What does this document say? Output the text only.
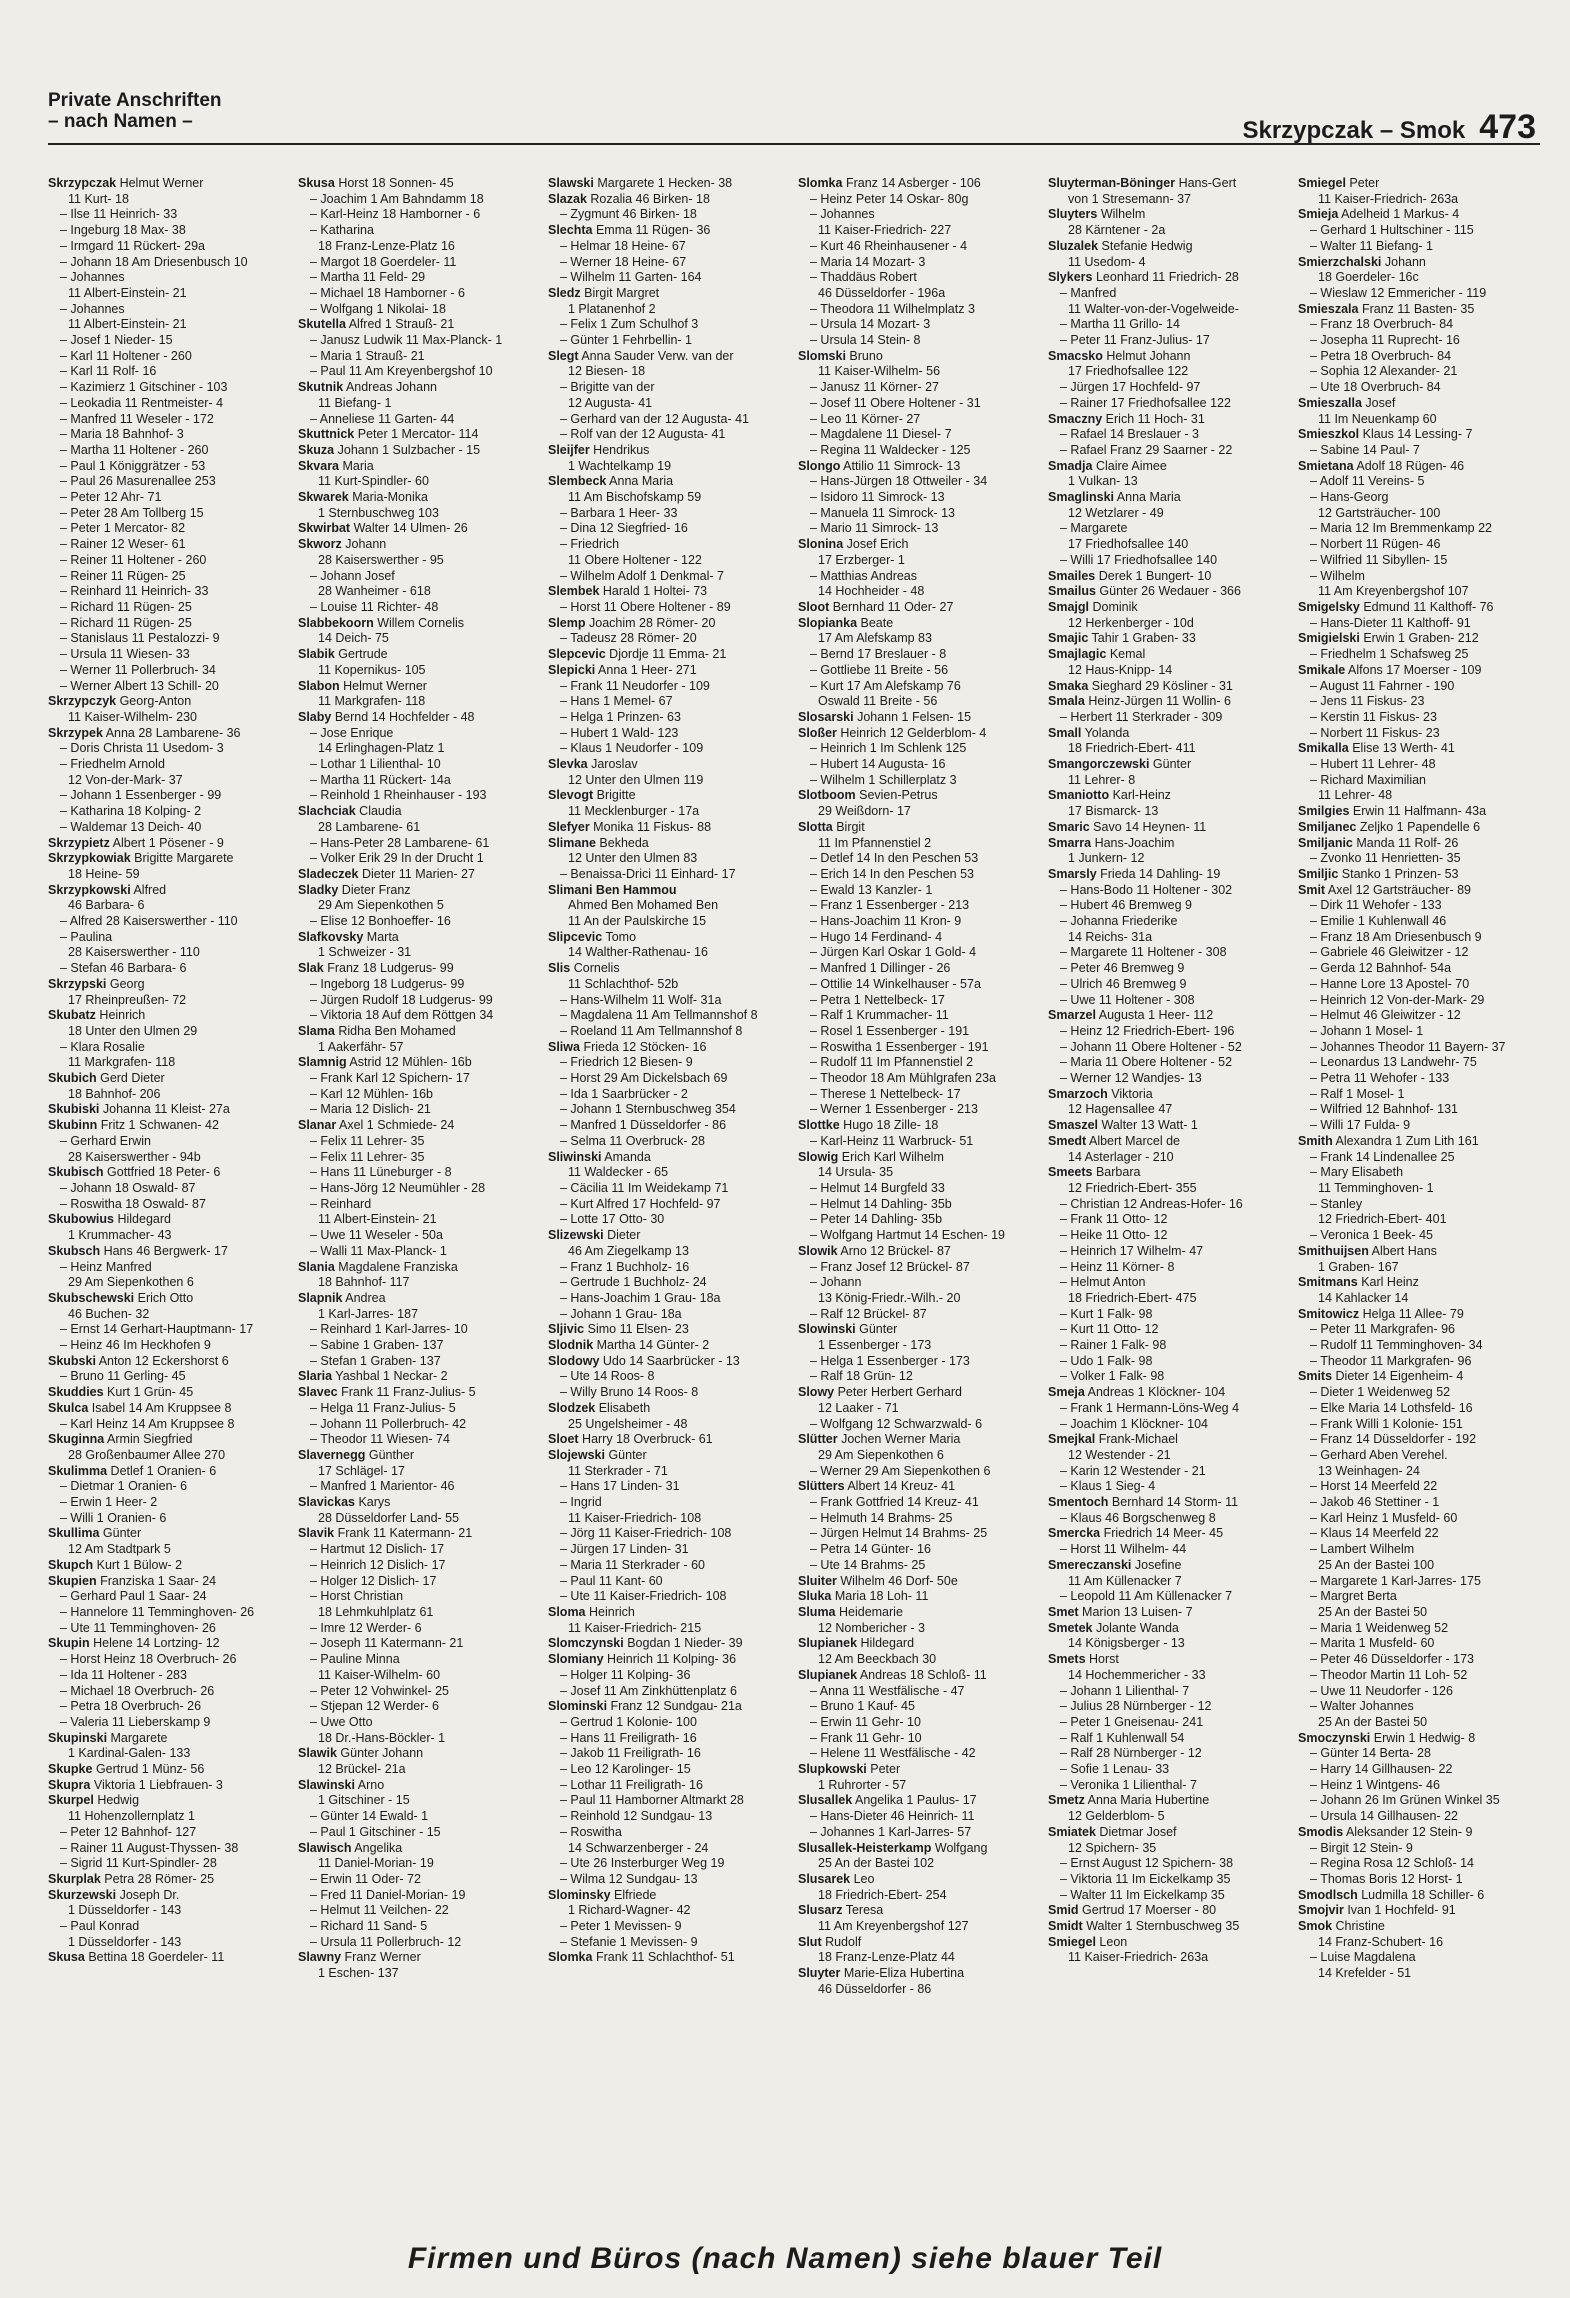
Private Anschriften
– nach Namen –	Skrzypczak – Smok 473
Skrzypczak Helmut Werner
11 Kurt- 18
– Ilse 11 Heinrich- 33
– Ingeburg 18 Max- 38
– Irmgard 11 Rückert- 29a
– Johann 18 Am Driesenbusch 10
– Johannes
11 Albert-Einstein- 21
– Johannes
11 Albert-Einstein- 21
– Josef 1 Nieder- 15
– Karl 11 Holtener - 260
– Karl 11 Rolf- 16
– Kazimierz 1 Gitschiner - 103
– Leokadia 11 Rentmeister- 4
– Manfred 11 Weseler - 172
– Maria 18 Bahnhof- 3
– Martha 11 Holtener - 260
– Paul 1 Königgrätzer - 53
– Paul 26 Masurenallee 253
– Peter 12 Ahr- 71
– Peter 28 Am Tollberg 15
– Peter 1 Mercator- 82
– Rainer 12 Weser- 61
– Reiner 11 Holtener - 260
– Reiner 11 Rügen- 25
– Reinhard 11 Heinrich- 33
– Richard 11 Rügen- 25
– Richard 11 Rügen- 25
– Stanislaus 11 Pestalozzi- 9
– Ursula 11 Wiesen- 33
– Werner 11 Pollerbruch- 34
– Werner Albert 13 Schill- 20
Skrzypczyk Georg-Anton
11 Kaiser-Wilhelm- 230
Skrzypek Anna 28 Lambarene- 36
– Doris Christa 11 Usedom- 3
– Friedhelm Arnold
12 Von-der-Mark- 37
– Johann 1 Essenberger - 99
– Katharina 18 Kolping- 2
– Waldemar 13 Deich- 40
Skrzypietz Albert 1 Pösener - 9
Skrzypkowiak Brigitte Margarete
18 Heine- 59
Skrzypkowski Alfred
46 Barbara- 6
– Alfred 28 Kaiserswerther - 110
– Paulina
28 Kaiserswerther - 110
– Stefan 46 Barbara- 6
Skrzypski Georg
17 Rheinpreußen- 72
Skubatz Heinrich
18 Unter den Ulmen 29
– Klara Rosalie
11 Markgrafen- 118
Skubich Gerd Dieter
18 Bahnhof- 206
Skubiski Johanna 11 Kleist- 27a
Skubinn Fritz 1 Schwanen- 42
– Gerhard Erwin
28 Kaiserswerther - 94b
Skubisch Gottfried 18 Peter- 6
– Johann 18 Oswald- 87
– Roswitha 18 Oswald- 87
Skubowius Hildegard
1 Krummacher- 43
Skubsch Hans 46 Bergwerk- 17
– Heinz Manfred
29 Am Siepenkothen 6
Skubschewski Erich Otto
46 Buchen- 32
– Ernst 14 Gerhart-Hauptmann- 17
– Heinz 46 Im Heckhofen 9
Skubski Anton 12 Eckershorst 6
– Bruno 11 Gerling- 45
Skuddies Kurt 1 Grün- 45
Skulca Isabel 14 Am Kruppsee 8
– Karl Heinz 14 Am Kruppsee 8
Skuginna Armin Siegfried
28 Großenbaumer Allee 270
Skulimma Detlef 1 Oranien- 6
– Dietmar 1 Oranien- 6
– Erwin 1 Heer- 2
– Willi 1 Oranien- 6
Skullima Günter
12 Am Stadtpark 5
Skupch Kurt 1 Bülow- 2
Skupien Franziska 1 Saar- 24
– Gerhard Paul 1 Saar- 24
– Hannelore 11 Temminghoven- 26
– Ute 11 Temminghoven- 26
Skupin Helene 14 Lortzing- 12
– Horst Heinz 18 Overbruch- 26
– Ida 11 Holtener - 283
– Michael 18 Overbruch- 26
– Petra 18 Overbruch- 26
– Valeria 11 Lieberskamp 9
Skupinski Margarete
1 Kardinal-Galen- 133
Skupke Gertrud 1 Münz- 56
Skupra Viktoria 1 Liebfrauen- 3
Skurpel Hedwig
11 Hohenzollernplatz 1
– Peter 12 Bahnhof- 127
– Rainer 11 August-Thyssen- 38
– Sigrid 11 Kurt-Spindler- 28
Skurplak Petra 28 Römer- 25
Skurzewski Joseph Dr.
1 Düsseldorfer - 143
– Paul Konrad
1 Düsseldorfer - 143
Skusa Bettina 18 Goerdeler- 11
Skusa Horst 18 Sonnen- 45
– Joachim 1 Am Bahndamm 18
– Karl-Heinz 18 Hamborner - 6
– Katharina
18 Franz-Lenze-Platz 16
– Margot 18 Goerdeler- 11
– Martha 11 Feld- 29
– Michael 18 Hamborner - 6
– Wolfgang 1 Nikolai- 18
Skutella Alfred 1 Strauß- 21
– Janusz Ludwik 11 Max-Planck- 1
– Maria 1 Strauß- 21
– Paul 11 Am Kreyenbergshof 10
Skutnik Andreas Johann
11 Biefang- 1
– Anneliese 11 Garten- 44
Skuttnick Peter 1 Mercator- 114
Skuza Johann 1 Sulzbacher - 15
Skvara Maria
11 Kurt-Spindler- 60
Skwarek Maria-Monika
1 Sternbuschweg 103
Skwirbat Walter 14 Ulmen- 26
Skworz Johann
28 Kaiserswerther - 95
– Johann Josef
28 Wanheimer - 618
– Louise 11 Richter- 48
Slabbekoorn Willem Cornelis
14 Deich- 75
Slabik Gertrude
11 Kopernikus- 105
Slabon Helmut Werner
11 Markgrafen- 118
Slaby Bernd 14 Hochfelder - 48
– Jose Enrique
14 Erlinghagen-Platz 1
– Lothar 1 Lilienthal- 10
– Martha 11 Rückert- 14a
– Reinhold 1 Rheinhauser - 193
Slachciak Claudia
28 Lambarene- 61
– Hans-Peter 28 Lambarene- 61
– Volker Erik 29 In der Drucht 1
Sladeczek Dieter 11 Marien- 27
Sladky Dieter Franz
29 Am Siepenkothen 5
– Elise 12 Bonhoeffer- 16
Slafkovsky Marta
1 Schweizer - 31
Slak Franz 18 Ludgerus- 99
– Ingeborg 18 Ludgerus- 99
– Jürgen Rudolf 18 Ludgerus- 99
– Viktoria 18 Auf dem Röttgen 34
Slama Ridha Ben Mohamed
1 Aakerfähr- 57
Slamnig Astrid 12 Mühlen- 16b
– Frank Karl 12 Spichern- 17
– Karl 12 Mühlen- 16b
– Maria 12 Dislich- 21
Slanar Axel 1 Schmiede- 24
– Felix 11 Lehrer- 35
– Felix 11 Lehrer- 35
– Hans 11 Lüneburger - 8
– Hans-Jörg 12 Neumühler - 28
– Reinhard
11 Albert-Einstein- 21
– Uwe 11 Weseler - 50a
– Walli 11 Max-Planck- 1
Slania Magdalene Franziska
18 Bahnhof- 117
Slapnik Andrea
1 Karl-Jarres- 187
– Reinhard 1 Karl-Jarres- 10
– Sabine 1 Graben- 137
– Stefan 1 Graben- 137
Slaria Yashbal 1 Neckar- 2
Slavec Frank 11 Franz-Julius- 5
– Helga 11 Franz-Julius- 5
– Johann 11 Pollerbruch- 42
– Theodor 11 Wiesen- 74
Slavernegg Günther
17 Schlägel- 17
– Manfred 1 Marientor- 46
Slavickas Karys
28 Düsseldorfer Land- 55
Slavik Frank 11 Katermann- 21
– Hartmut 12 Dislich- 17
– Heinrich 12 Dislich- 17
– Holger 12 Dislich- 17
– Horst Christian
18 Lehmkuhlplatz 61
– Imre 12 Werder- 6
– Joseph 11 Katermann- 21
– Pauline Minna
11 Kaiser-Wilhelm- 60
– Peter 12 Vohwinkel- 25
– Stjepan 12 Werder- 6
– Uwe Otto
18 Dr.-Hans-Böckler- 1
Slawik Günter Johann
12 Brückel- 21a
Slawinski Arno
1 Gitschiner - 15
– Günter 14 Ewald- 1
– Paul 1 Gitschiner - 15
Slawisch Angelika
11 Daniel-Morian- 19
– Erwin 11 Oder- 72
– Fred 11 Daniel-Morian- 19
– Helmut 11 Veilchen- 22
– Richard 11 Sand- 5
– Ursula 11 Pollerbruch- 12
Slawny Franz Werner
1 Eschen- 137
Slawski Margarete 1 Hecken- 38
Slazak Rozalia 46 Birken- 18
– Zygmunt 46 Birken- 18
Slechta Emma 11 Rügen- 36
– Helmar 18 Heine- 67
– Werner 18 Heine- 67
– Wilhelm 11 Garten- 164
Sledz Birgit Margret
1 Platanenhof 2
– Felix 1 Zum Schulhof 3
– Günter 1 Fehrbellin- 1
Slegt Anna Sauder Verw. van der
12 Biesen- 18
– Brigitte van der
12 Augusta- 41
– Gerhard van der 12 Augusta- 41
– Rolf van der 12 Augusta- 41
Sleijfer Hendrikus
1 Wachtelkamp 19
Slembeck Anna Maria
11 Am Bischofskamp 59
– Barbara 1 Heer- 33
– Dina 12 Siegfried- 16
– Friedrich
11 Obere Holtener - 122
– Wilhelm Adolf 1 Denkmal- 7
Slembek Harald 1 Holtei- 73
– Horst 11 Obere Holtener - 89
Slemp Joachim 28 Römer- 20
– Tadeusz 28 Römer- 20
Slepcevic Djordje 11 Emma- 21
Slepicki Anna 1 Heer- 271
– Frank 11 Neudorfer - 109
– Hans 1 Memel- 67
– Helga 1 Prinzen- 63
– Hubert 1 Wald- 123
– Klaus 1 Neudorfer - 109
Slevka Jaroslav
12 Unter den Ulmen 119
Slevogt Brigitte
11 Mecklenburger - 17a
Slefyer Monika 11 Fiskus- 88
Slimane Bekheda
12 Unter den Ulmen 83
– Benaissa-Drici 11 Einhard- 17
Slimani Ben Hammou
Ahmed Ben Mohamed Ben
11 An der Paulskirche 15
Slipcevic Tomo
14 Walther-Rathenau- 16
Slis Cornelis
11 Schlachthof- 52b
– Hans-Wilhelm 11 Wolf- 31a
– Magdalena 11 Am Tellmannshof 8
– Roeland 11 Am Tellmannshof 8
Sliwa Frieda 12 Stöcken- 16
– Friedrich 12 Biesen- 9
– Horst 29 Am Dickelsbach 69
– Ida 1 Saarbrücker - 2
– Johann 1 Sternbuschweg 354
– Manfred 1 Düsseldorfer - 86
– Selma 11 Overbruck- 28
Sliwinski Amanda
11 Waldecker - 65
– Cäcilia 11 Im Weidekamp 71
– Kurt Alfred 17 Hochfeld- 97
– Lotte 17 Otto- 30
Slizewski Dieter
46 Am Ziegelkamp 13
– Franz 1 Buchholz- 16
– Gertrude 1 Buchholz- 24
– Hans-Joachim 1 Grau- 18a
– Johann 1 Grau- 18a
Sljivic Simo 11 Elsen- 23
Slodnik Martha 14 Günter- 2
Slodowy Udo 14 Saarbrücker - 13
– Ute 14 Roos- 8
– Willy Bruno 14 Roos- 8
Slodzek Elisabeth
25 Ungelsheimer - 48
Sloet Harry 18 Overbruck- 61
Slojewski Günter
11 Sterkrader - 71
– Hans 17 Linden- 31
– Ingrid
11 Kaiser-Friedrich- 108
– Jörg 11 Kaiser-Friedrich- 108
– Jürgen 17 Linden- 31
– Maria 11 Sterkrader - 60
– Paul 11 Kant- 60
– Ute 11 Kaiser-Friedrich- 108
Sloma Heinrich
11 Kaiser-Friedrich- 215
Slomczynski Bogdan 1 Nieder- 39
Slomiany Heinrich 11 Kolping- 36
– Holger 11 Kolping- 36
– Josef 11 Am Zinkhüttenplatz 6
Slominski Franz 12 Sundgau- 21a
– Gertrud 1 Kolonie- 100
– Hans 11 Freiligrath- 16
– Jakob 11 Freiligrath- 16
– Leo 12 Karolinger- 15
– Lothar 11 Freiligrath- 16
– Paul 11 Hamborner Altmarkt 28
– Reinhold 12 Sundgau- 13
– Roswitha
14 Schwarzenberger - 24
– Ute 26 Insterburger Weg 19
– Wilma 12 Sundgau- 13
Slominsky Elfriede
1 Richard-Wagner- 42
– Peter 1 Mevissen- 9
– Stefanie 1 Mevissen- 9
Slomka Frank 11 Schlachthof- 51
Slomka Franz 14 Asberger - 106
– Heinz Peter 14 Oskar- 80g
– Johannes
11 Kaiser-Friedrich- 227
– Kurt 46 Rheinhausener - 4
– Maria 14 Mozart- 3
– Thaddäus Robert
46 Düsseldorfer - 196a
– Theodora 11 Wilhelmplatz 3
– Ursula 14 Mozart- 3
– Ursula 14 Stein- 8
Slomski Bruno
11 Kaiser-Wilhelm- 56
– Janusz 11 Körner- 27
– Josef 11 Obere Holtener - 31
– Leo 11 Körner- 27
– Magdalene 11 Diesel- 7
– Regina 11 Waldecker - 125
Slongo Attilio 11 Simrock- 13
– Hans-Jürgen 18 Ottweiler - 34
– Isidoro 11 Simrock- 13
– Manuela 11 Simrock- 13
– Mario 11 Simrock- 13
Slonina Josef Erich
17 Erzberger- 1
– Matthias Andreas
14 Hochheider - 48
Sloot Bernhard 11 Oder- 27
Slopianka Beate
17 Am Alefskamp 83
– Bernd 17 Breslauer - 8
– Gottliebe 11 Breite - 56
– Kurt 17 Am Alefskamp 76
Oswald 11 Breite - 56
Slosarski Johann 1 Felsen- 15
Sloßer Heinrich 12 Gelderblom- 4
– Heinrich 1 Im Schlenk 125
– Hubert 14 Augusta- 16
– Wilhelm 1 Schillerplatz 3
Slotboom Sevien-Petrus
29 Weißdorn- 17
Slotta Birgit
11 Im Pfannenstiel 2
– Detlef 14 In den Peschen 53
– Erich 14 In den Peschen 53
– Ewald 13 Kanzler- 1
– Franz 1 Essenberger - 213
– Hans-Joachim 11 Kron- 9
– Hugo 14 Ferdinand- 4
– Jürgen Karl Oskar 1 Gold- 4
– Manfred 1 Dillinger - 26
– Ottilie 14 Winkelhauser - 57a
– Petra 1 Nettelbeck- 17
– Ralf 1 Krummacher- 11
– Rosel 1 Essenberger - 191
– Roswitha 1 Essenberger - 191
– Rudolf 11 Im Pfannenstiel 2
– Theodor 18 Am Mühlgrafen 23a
– Therese 1 Nettelbeck- 17
– Werner 1 Essenberger - 213
Slottke Hugo 18 Zille- 18
– Karl-Heinz 11 Warbruck- 51
Slowig Erich Karl Wilhelm
14 Ursula- 35
– Helmut 14 Burgfeld 33
– Helmut 14 Dahling- 35b
– Peter 14 Dahling- 35b
– Wolfgang Hartmut 14 Eschen- 19
Slowik Arno 12 Brückel- 87
– Franz Josef 12 Brückel- 87
– Johann
13 König-Friedr.-Wilh.- 20
– Ralf 12 Brückel- 87
Slowinski Günter
1 Essenberger - 173
– Helga 1 Essenberger - 173
– Ralf 18 Grün- 12
Slowy Peter Herbert Gerhard
12 Laaker - 71
– Wolfgang 12 Schwarzwald- 6
Slütter Jochen Werner Maria
29 Am Siepenkothen 6
– Werner 29 Am Siepenkothen 6
Slütters Albert 14 Kreuz- 41
– Frank Gottfried 14 Kreuz- 41
– Helmuth 14 Brahms- 25
– Jürgen Helmut 14 Brahms- 25
– Petra 14 Günter- 16
– Ute 14 Brahms- 25
Sluiter Wilhelm 46 Dorf- 50e
Sluka Maria 18 Loh- 11
Sluma Heidemarie
12 Nombericher - 3
Slupianek Hildegard
12 Am Beeckbach 30
Slupianek Andreas 18 Schloß- 11
– Anna 11 Westfälische - 47
– Bruno 1 Kauf- 45
– Erwin 11 Gehr- 10
– Frank 11 Gehr- 10
– Helene 11 Westfälische - 42
Slupkowski Peter
1 Ruhrorter - 57
Slusallek Angelika 1 Paulus- 17
– Hans-Dieter 46 Heinrich- 11
– Johannes 1 Karl-Jarres- 57
Slusallek-Heisterkamp Wolfgang
25 An der Bastei 102
Slusarek Leo
18 Friedrich-Ebert- 254
Slusarz Teresa
11 Am Kreyenbergshof 127
Slut Rudolf
18 Franz-Lenze-Platz 44
Sluyter Marie-Eliza Hubertina
46 Düsseldorfer - 86
Sluyterman-Böninger Hans-Gert
von 1 Stresemann- 37
Sluyters Wilhelm
28 Kärntener - 2a
Sluzalek Stefanie Hedwig
11 Usedom- 4
Slykers Leonhard 11 Friedrich- 28
– Manfred
11 Walter-von-der-Vogelweide-
– Martha 11 Grillo- 14
– Peter 11 Franz-Julius- 17
Smacsko Helmut Johann
17 Friedhofsallee 122
– Jürgen 17 Hochfeld- 97
– Rainer 17 Friedhofsallee 122
Smaczny Erich 11 Hoch- 31
– Rafael 14 Breslauer - 3
– Rafael Franz 29 Saarner - 22
Smadja Claire Aimee
1 Vulkan- 13
Smaglinski Anna Maria
12 Wetzlarer - 49
– Margarete
17 Friedhofsallee 140
– Willi 17 Friedhofsallee 140
Smailes Derek 1 Bungert- 10
Smailus Günter 26 Wedauer - 366
Smajgl Dominik
12 Herkenberger - 10d
Smajic Tahir 1 Graben- 33
Smajlagic Kemal
12 Haus-Knipp- 14
Smaka Sieghard 29 Kösliner - 31
Smala Heinz-Jürgen 11 Wollin- 6
– Herbert 11 Sterkrader - 309
Small Yolanda
18 Friedrich-Ebert- 411
Smangorczewski Günter
11 Lehrer- 8
Smaniotto Karl-Heinz
17 Bismarck- 13
Smaric Savo 14 Heynen- 11
Smarra Hans-Joachim
1 Junkern- 12
Smarsly Frieda 14 Dahling- 19
– Hans-Bodo 11 Holtener - 302
– Hubert 46 Bremweg 9
– Johanna Friederike
14 Reichs- 31a
– Margarete 11 Holtener - 308
– Peter 46 Bremweg 9
– Ulrich 46 Bremweg 9
– Uwe 11 Holtener - 308
Smarzel Augusta 1 Heer- 112
– Heinz 12 Friedrich-Ebert- 196
– Johann 11 Obere Holtener - 52
– Maria 11 Obere Holtener - 52
– Werner 12 Wandjes- 13
Smarzoch Viktoria
12 Hagensallee 47
Smaszel Walter 13 Watt- 1
Smedt Albert Marcel de
14 Asterlager - 210
Smeets Barbara
12 Friedrich-Ebert- 355
– Christian 12 Andreas-Hofer- 16
– Frank 11 Otto- 12
– Heike 11 Otto- 12
– Heinrich 17 Wilhelm- 47
– Heinz 11 Körner- 8
– Helmut Anton
18 Friedrich-Ebert- 475
– Kurt 1 Falk- 98
– Kurt 11 Otto- 12
– Rainer 1 Falk- 98
– Udo 1 Falk- 98
– Volker 1 Falk- 98
Smeja Andreas 1 Klöckner- 104
– Frank 1 Hermann-Löns-Weg 4
– Joachim 1 Klöckner- 104
Smejkal Frank-Michael
12 Westender - 21
– Karin 12 Westender - 21
– Klaus 1 Sieg- 4
Smentoch Bernhard 14 Storm- 11
– Klaus 46 Borgschenweg 8
Smercka Friedrich 14 Meer- 45
– Horst 11 Wilhelm- 44
Smereczanski Josefine
11 Am Küllenacker 7
– Leopold 11 Am Küllenacker 7
Smet Marion 13 Luisen- 7
Smetek Jolante Wanda
14 Königsberger - 13
Smets Horst
14 Hochemmericher - 33
– Johann 1 Lilienthal- 7
– Julius 28 Nürnberger - 12
– Peter 1 Gneisenau- 241
– Ralf 1 Kuhlenwall 54
– Ralf 28 Nürnberger - 12
– Sofie 1 Lenau- 33
– Veronika 1 Lilienthal- 7
Smetz Anna Maria Hubertine
12 Gelderblom- 5
Smiatek Dietmar Josef
12 Spichern- 35
– Ernst August 12 Spichern- 38
– Viktoria 11 Im Eickelkamp 35
– Walter 11 Im Eickelkamp 35
Smid Gertrud 17 Moerser - 80
Smidt Walter 1 Sternbuschweg 35
Smiegel Leon
11 Kaiser-Friedrich- 263a
Smiegel Peter
11 Kaiser-Friedrich- 263a
Smieja Adelheid 1 Markus- 4
– Gerhard 1 Hultschiner - 115
– Walter 11 Biefang- 1
Smierzchalski Johann
18 Goerdeler- 16c
– Wieslaw 12 Emmericher - 119
Smieszala Franz 11 Basten- 35
– Franz 18 Overbruch- 84
– Josepha 11 Ruprecht- 16
– Petra 18 Overbruch- 84
– Sophia 12 Alexander- 21
– Ute 18 Overbruch- 84
Smieszalla Josef
11 Im Neuenkamp 60
Smieszkol Klaus 14 Lessing- 7
– Sabine 14 Paul- 7
Smietana Adolf 18 Rügen- 46
– Adolf 11 Vereins- 5
– Hans-Georg
12 Gartsträucher- 100
– Maria 12 Im Bremmenkamp 22
– Norbert 11 Rügen- 46
– Wilfried 11 Sibyllen- 15
– Wilhelm
11 Am Kreyenbergshof 107
Smigelsky Edmund 11 Kalthoff- 76
– Hans-Dieter 11 Kalthoff- 91
Smigielski Erwin 1 Graben- 212
– Friedhelm 1 Schafsweg 25
Smikale Alfons 17 Moerser - 109
– August 11 Fahrner - 190
– Jens 11 Fiskus- 23
– Kerstin 11 Fiskus- 23
– Norbert 11 Fiskus- 23
Smikalla Elise 13 Werth- 41
– Hubert 11 Lehrer- 48
– Richard Maximilian
11 Lehrer- 48
Smilgies Erwin 11 Halfmann- 43a
Smiljanec Zeljko 1 Papendelle 6
Smiljanic Manda 11 Rolf- 26
– Zvonko 11 Henrietten- 35
Smiljic Stanko 1 Prinzen- 53
Smit Axel 12 Gartsträucher- 89
– Dirk 11 Wehofer - 133
– Emilie 1 Kuhlenwall 46
– Franz 18 Am Driesenbusch 9
– Gabriele 46 Gleiwitzer - 12
– Gerda 12 Bahnhof- 54a
– Hanne Lore 13 Apostel- 70
– Heinrich 12 Von-der-Mark- 29
– Helmut 46 Gleiwitzer - 12
– Johann 1 Mosel- 1
– Johannes Theodor 11 Bayern- 37
– Leonardus 13 Landwehr- 75
– Petra 11 Wehofer - 133
– Ralf 1 Mosel- 1
– Wilfried 12 Bahnhof- 131
– Willi 17 Fulda- 9
Smith Alexandra 1 Zum Lith 161
– Frank 14 Lindenallee 25
– Mary Elisabeth
11 Temminghoven- 1
– Stanley
12 Friedrich-Ebert- 401
– Veronica 1 Beek- 45
Smithuijsen Albert Hans
1 Graben- 167
Smitmans Karl Heinz
14 Kahlacker 14
Smitowicz Helga 11 Allee- 79
– Peter 11 Markgrafen- 96
– Rudolf 11 Temminghoven- 34
– Theodor 11 Markgrafen- 96
Smits Dieter 14 Eigenheim- 4
– Dieter 1 Weidenweg 52
– Elke Maria 14 Lothsfeld- 16
– Frank Willi 1 Kolonie- 151
– Franz 14 Düsseldorfer - 192
– Gerhard Aben Verehel.
13 Weinhagen- 24
– Horst 14 Meerfeld 22
– Jakob 46 Stettiner - 1
– Karl Heinz 1 Musfeld- 60
– Klaus 14 Meerfeld 22
– Lambert Wilhelm
25 An der Bastei 100
– Margarete 1 Karl-Jarres- 175
– Margret Berta
25 An der Bastei 50
– Maria 1 Weidenweg 52
– Marita 1 Musfeld- 60
– Peter 46 Düsseldorfer - 173
– Theodor Martin 11 Loh- 52
– Uwe 11 Neudorfer - 126
– Walter Johannes
25 An der Bastei 50
Smoczynski Erwin 1 Hedwig- 8
– Günter 14 Berta- 28
– Harry 14 Gillhausen- 22
– Heinz 1 Wintgens- 46
– Johann 26 Im Grünen Winkel 35
– Ursula 14 Gillhausen- 22
Smodis Aleksander 12 Stein- 9
– Birgit 12 Stein- 9
– Regina Rosa 12 Schloß- 14
– Thomas Boris 12 Horst- 1
Smodlsch Ludmilla 18 Schiller- 6
Smojvir Ivan 1 Hochfeld- 91
Smok Christine
14 Franz-Schubert- 16
– Luise Magdalena
14 Krefelder - 51
Firmen und Büros (nach Namen) siehe blauer Teil
